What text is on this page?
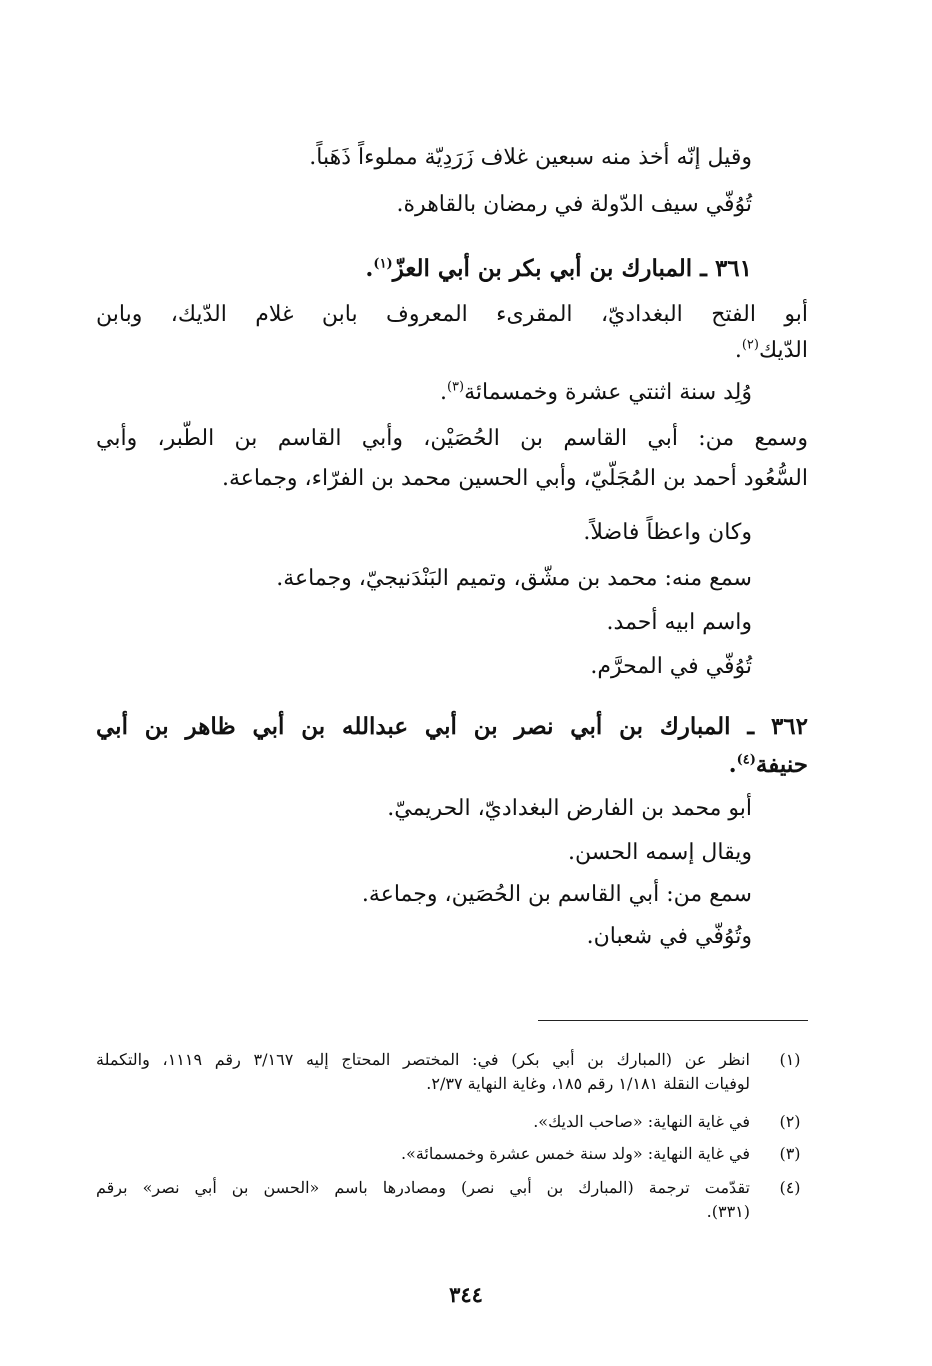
وقيل إنّه أخذ منه سبعين غلاف زَرَدِيّة مملوءاً ذَهَباً.
تُوُفّي سيف الدّولة في رمضان بالقاهرة.
٣٦١ ـ المبارك بن أبي بكر بن أبي العزّ$^{(١)}$.
أبو الفتح البغداديّ، المقرىء المعروف بابن غلام الدّيك، وبابن
الدّيك$^{(٢)}$.
وُلِد سنة اثنتي عشرة وخمسمائة$^{(٣)}$.
وسمع من: أبي القاسم بن الحُصَيْن، وأبي القاسم بن الطّبر، وأبي
السُّعُود أحمد بن المُجَلّيّ، وأبي الحسين محمد بن الفرّاء، وجماعة.
وكان واعظاً فاضلاً.
سمع منه: محمد بن مشّق، وتميم البَنْدَنيجيّ، وجماعة.
واسم ابيه أحمد.
تُوُفّي في المحرَّم.
٣٦٢ ـ المبارك بن أبي نصر بن أبي عبدالله بن أبي ظاهر بن أبي
حنيفة$^{(٤)}$.
أبو محمد بن الفارض البغداديّ، الحريميّ.
ويقال إسمه الحسن.
سمع من: أبي القاسم بن الحُصَين، وجماعة.
وتُوُفّي في شعبان.
(١)
انظر عن (المبارك بن أبي بكر) في: المختصر المحتاج إليه ٣/١٦٧ رقم ١١١٩، والتكملة
لوفيات النقلة ١/١٨١ رقم ١٨٥، وغاية النهاية ٢/٣٧.
(٢)
في غاية النهاية: «صاحب الديك».
(٣)
في غاية النهاية: «ولد سنة خمس عشرة وخمسمائة».
(٤)
تقدّمت ترجمة (المبارك بن أبي نصر) ومصادرها باسم «الحسن بن أبي نصر» برقم
(٣٣١).
٣٤٤
